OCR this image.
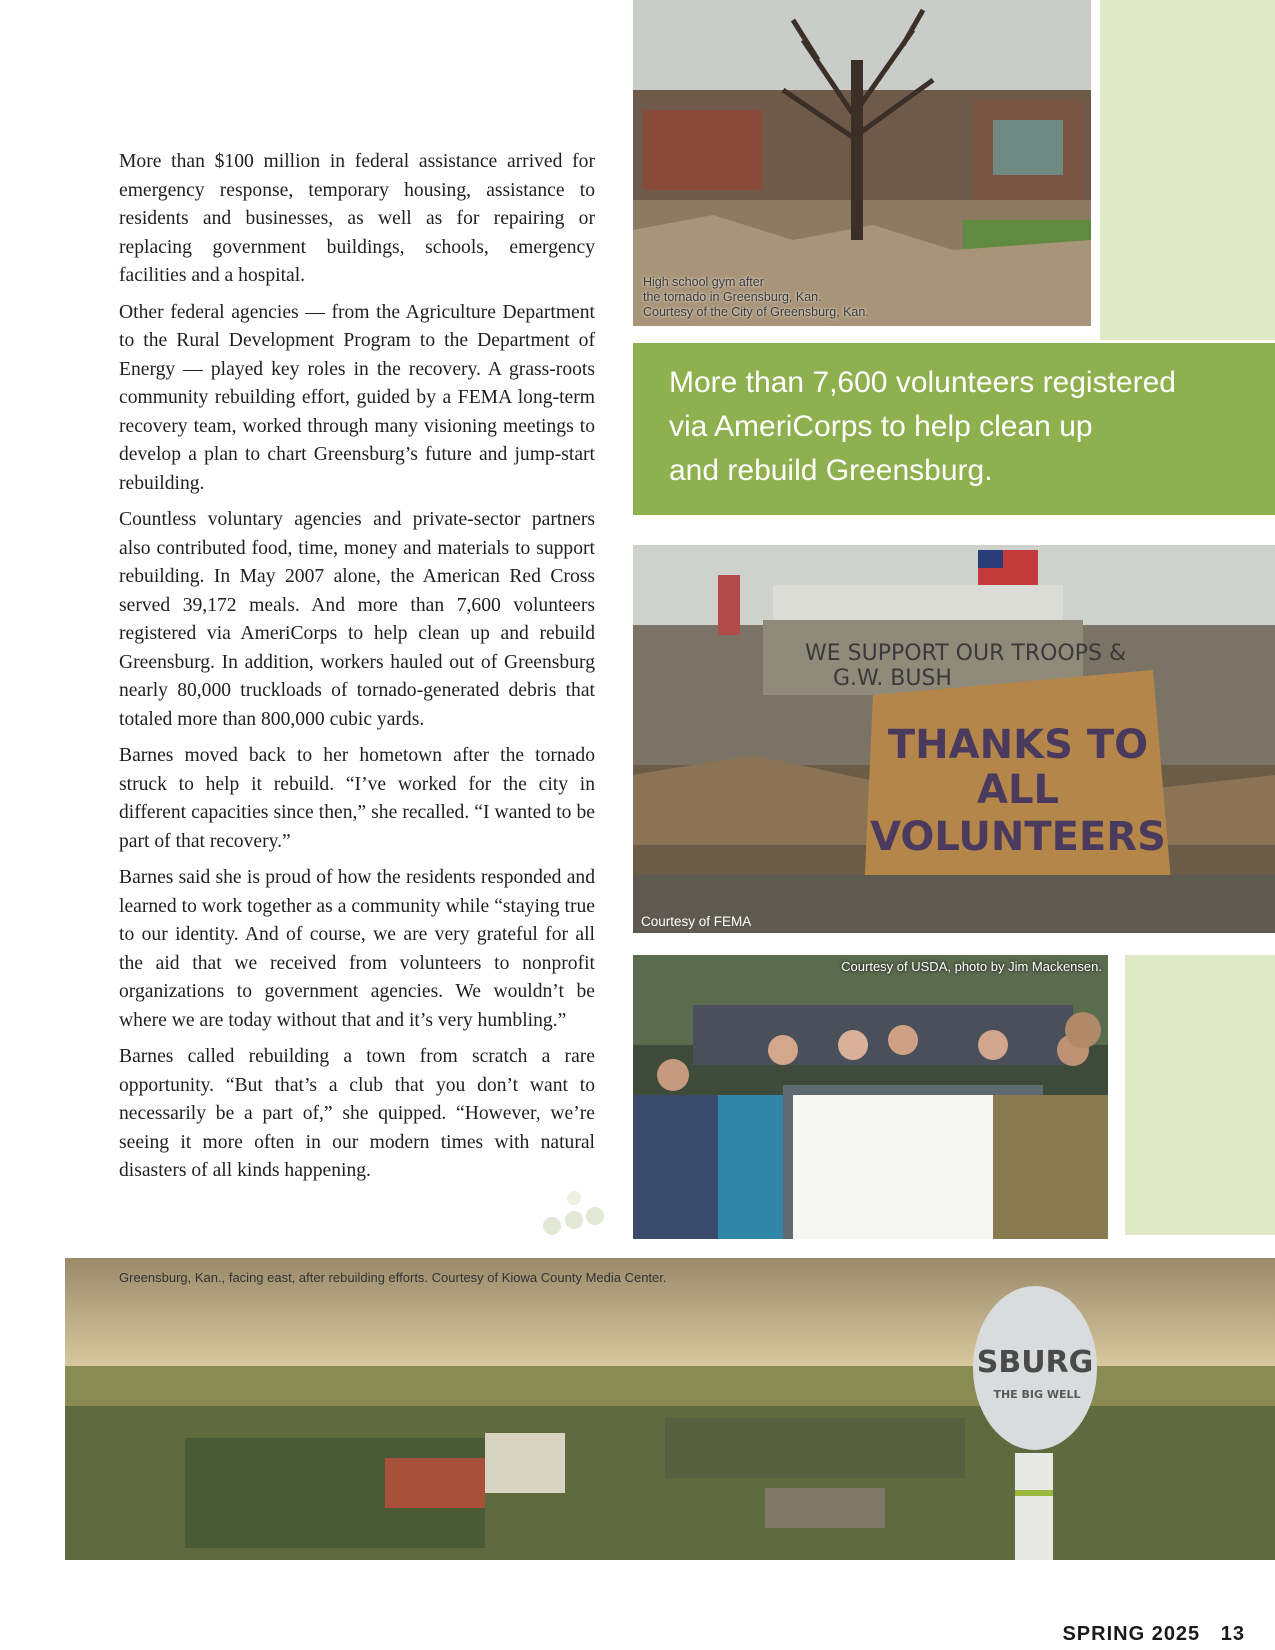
High school gym after
the tornado in Greensburg, Kan.
Courtesy of the City of Greensburg, Kan.
More than 7,600 volunteers registered
via AmeriCorps to help clean up
and rebuild Greensburg.
WE SUPPORT OUR TROOPS &
G.W. BUSH
THANKS TO
ALL
VOLUNTEERS
Courtesy of FEMA
Courtesy of USDA, photo by Jim Mackensen.

More than $100 million in federal assistance arrived for emergency response, temporary housing, assistance to residents and businesses, as well as for repairing or replacing government buildings, schools, emergency facilities and a hospital.

Other federal agencies — from the Agriculture Department to the Rural Development Program to the Department of Energy — played key roles in the recovery. A grass-roots community rebuilding effort, guided by a FEMA long-term recovery team, worked through many visioning meetings to develop a plan to chart Greensburg’s future and jump-start rebuilding.

Countless voluntary agencies and private-sector partners also contributed food, time, money and materials to support rebuilding. In May 2007 alone, the American Red Cross served 39,172 meals. And more than 7,600 volunteers registered via AmeriCorps to help clean up and rebuild Greensburg. In addition, workers hauled out of Greensburg nearly 80,000 truckloads of tornado-generated debris that totaled more than 800,000 cubic yards.

Barnes moved back to her hometown after the tornado struck to help it rebuild. “I’ve worked for the city in different capacities since then,” she recalled. “I wanted to be part of that recovery.”

Barnes said she is proud of how the residents responded and learned to work together as a community while “staying true to our identity. And of course, we are very grateful for all the aid that we received from volunteers to nonprofit organizations to government agencies. We wouldn’t be where we are today without that and it’s very humbling.”

Barnes called rebuilding a town from scratch a rare opportunity. “But that’s a club that you don’t want to necessarily be a part of,” she quipped. “However, we’re seeing it more often in our modern times with natural disasters of all kinds happening.

SBURG
THE BIG WELL
Greensburg, Kan., facing east, after rebuilding efforts. Courtesy of Kiowa County Media Center.
SPRING 2025 13
